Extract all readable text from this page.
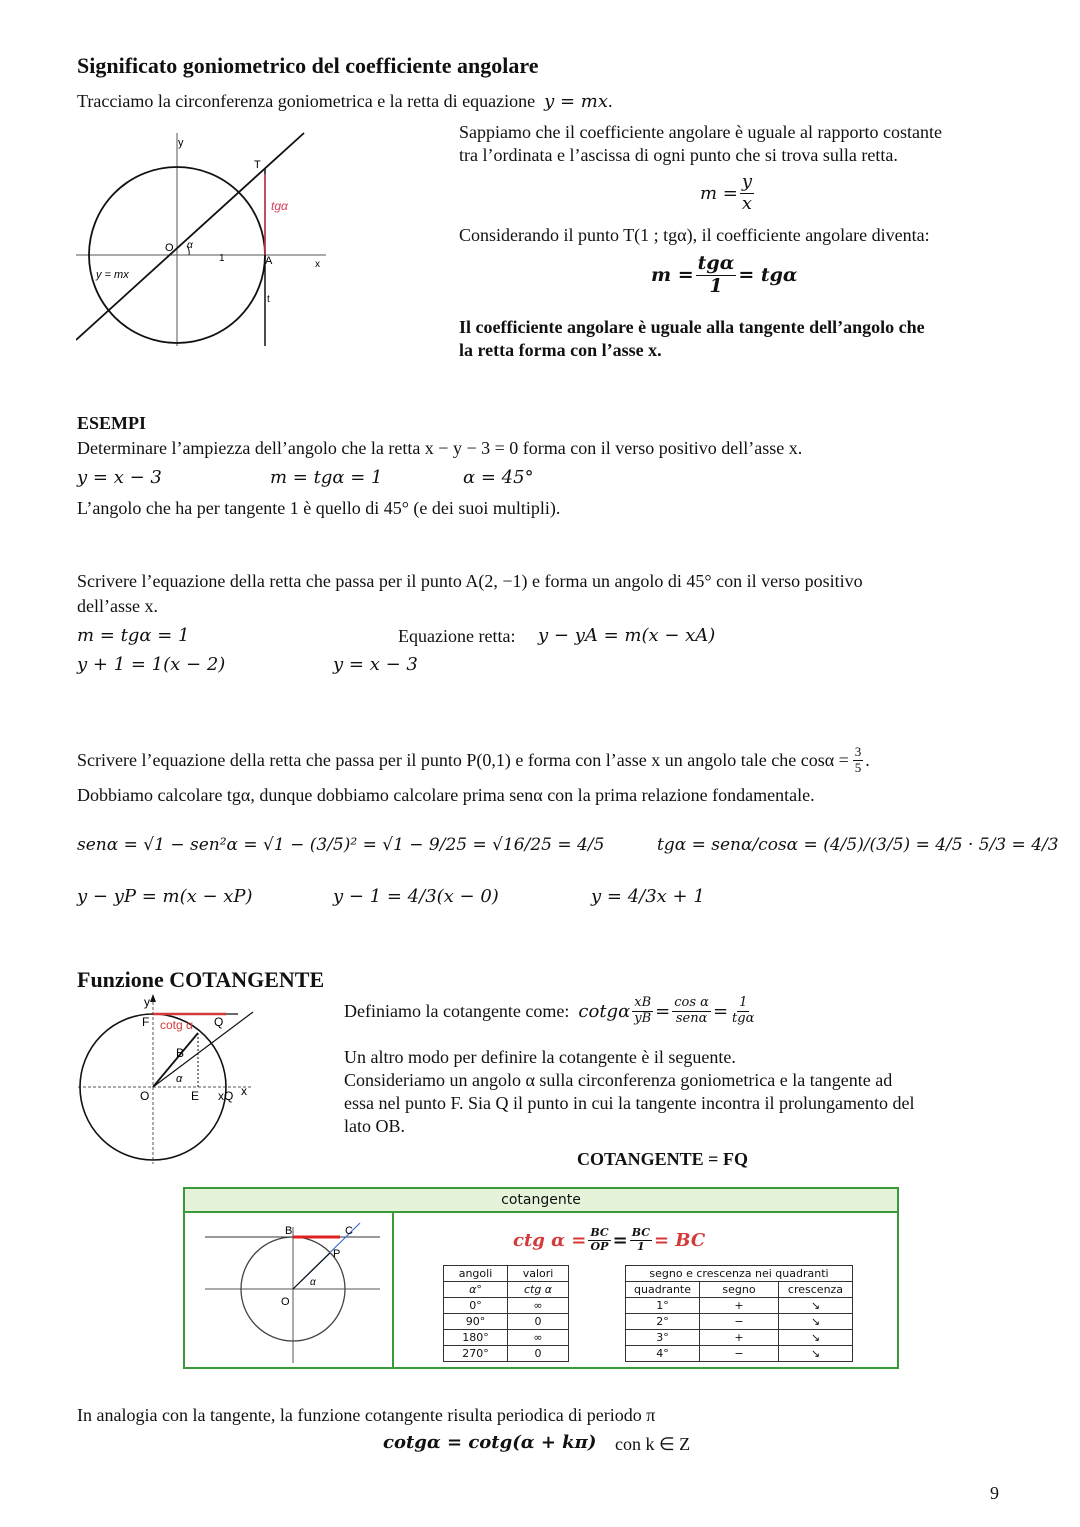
Significato goniometrico del coefficiente angolare
Tracciamo la circonferenza goniometrica e la retta di equazione y = mx.
y
x
T
A
O
1
α
t
tgα
y = mx
Sappiamo che il coefficiente angolare è uguale al rapporto costante
tra l’ordinata e l’ascissa di ogni punto che si trova sulla retta.
$m = \frac{y}{x}$
Considerando il punto T(1 ; tgα), il coefficiente angolare diventa:
$m = \frac{\text{tgα}}{1} = tg\alpha$
Il coefficiente angolare è uguale alla tangente dell’angolo che
la retta forma con l’asse x.
ESEMPI
Determinare l’ampiezza dell’angolo che la retta x − y − 3 = 0 forma con il verso positivo dell’asse x.
y = x − 3	m = tgα = 1	α = 45°
L’angolo che ha per tangente 1 è quello di 45° (e dei suoi multipli).
Scrivere l’equazione della retta che passa per il punto A(2, −1) e forma un angolo di 45° con il verso positivo
dell’asse x.
m = tgα = 1	Equazione retta: y − yA = m(x − xA)
y + 1 = 1(x − 2)	y = x − 3
Scrivere l’equazione della retta che passa per il punto P(0,1) e forma con l’asse x un angolo tale che $\cos\alpha = \frac{3}{5}$ .
Dobbiamo calcolare tgα, dunque dobbiamo calcolare prima senα con la prima relazione fondamentale.
senα = √1 − sen²α = √1 − (3/5)² = √1 − 9/25 = √16/25 = 4/5	tgα = senα/cosα = (4/5)/(3/5) = 4/5 · 5/3 = 4/3
y − yP = m(x − xP)	y − 1 = 4/3(x − 0)	y = 4/3x + 1
Funzione COTANGENTE
y
F cotg α Q
B
α
O	E xQ x
Definiamo la cotangente come:
cotgα $\frac{xB}{yB} = \frac{\text{cos α}}{\text{senα}} = \frac{1}{\text{tgα}}$
Un altro modo per definire la cotangente è il seguente.
Consideriamo un angolo α sulla circonferenza goniometrica e la tangente ad
essa nel punto F. Sia Q il punto in cui la tangente incontra il prolungamento del
lato OB.
COTANGENTE = FQ
cotangente
B	C
P
O
α
ctg $\alpha = \frac{BC}{OP} = \frac{BC}{1}$ = BC
angoli	valori
α°	ctg α
0°	∞
90°	0
180°	∞
270°	0
segno e crescenza nei quadranti		
quadrante	segno	crescenza
1°	+	↘
2°	−	↘
3°	+	↘
4°	−	↘
In analogia con la tangente, la funzione cotangente risulta periodica di periodo π
cotgα = cotg(α + kπ) con k ∈ Z
9
